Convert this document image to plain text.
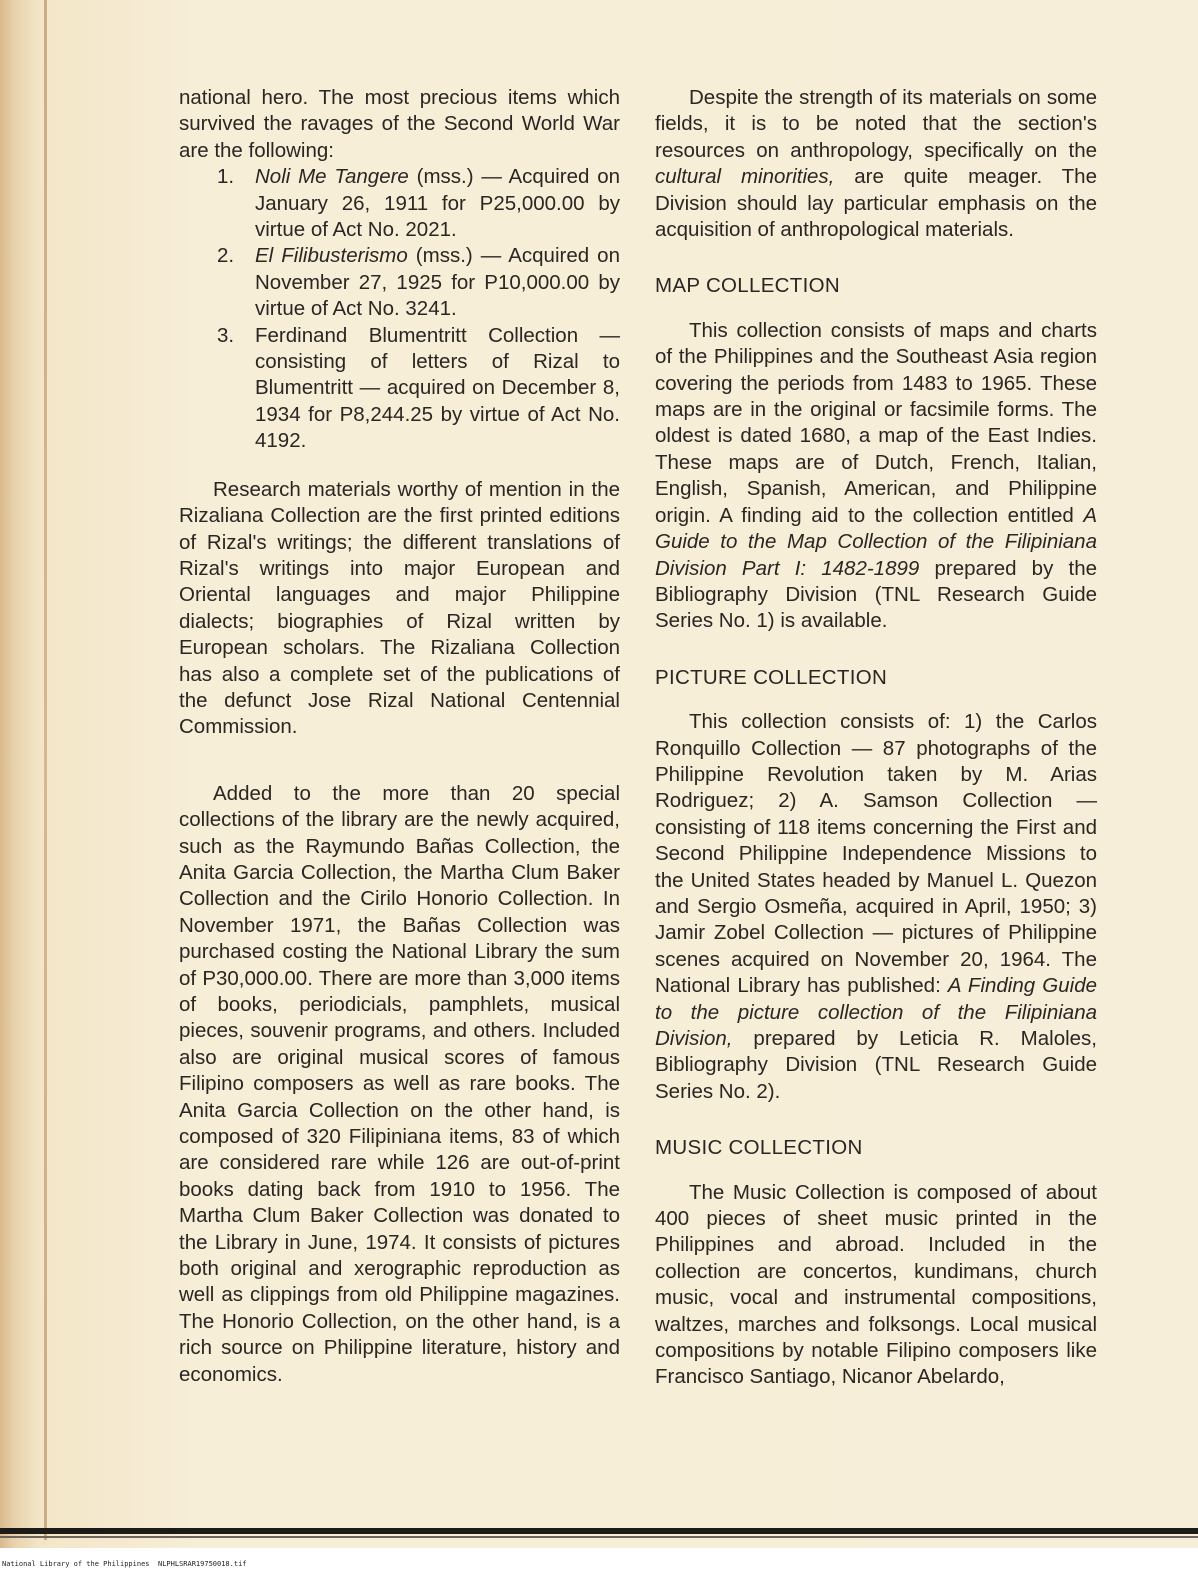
national hero. The most precious items which survived the ravages of the Second World War are the following:

1. Noli Me Tangere (mss.) — Acquired on January 26, 1911 for P25,000.00 by virtue of Act No. 2021.
2. El Filibusterismo (mss.) — Acquired on November 27, 1925 for P10,000.00 by virtue of Act No. 3241.
3. Ferdinand Blumentritt Collection — consisting of letters of Rizal to Blumentritt — acquired on December 8, 1934 for P8,244.25 by virtue of Act No. 4192.

Research materials worthy of mention in the Rizaliana Collection are the first printed editions of Rizal's writings; the different translations of Rizal's writings into major European and Oriental languages and major Philippine dialects; biographies of Rizal written by European scholars. The Rizaliana Collection has also a complete set of the publications of the defunct Jose Rizal National Centennial Commission.

Added to the more than 20 special collections of the library are the newly acquired, such as the Raymundo Bañas Collection, the Anita Garcia Collection, the Martha Clum Baker Collection and the Cirilo Honorio Collection. In November 1971, the Bañas Collection was purchased costing the National Library the sum of P30,000.00. There are more than 3,000 items of books, periodicials, pamphlets, musical pieces, souvenir programs, and others. Included also are original musical scores of famous Filipino composers as well as rare books. The Anita Garcia Collection on the other hand, is composed of 320 Filipiniana items, 83 of which are considered rare while 126 are out-of-print books dating back from 1910 to 1956. The Martha Clum Baker Collection was donated to the Library in June, 1974. It consists of pictures both original and xerographic reproduction as well as clippings from old Philippine magazines. The Honorio Collection, on the other hand, is a rich source on Philippine literature, history and economics.

Despite the strength of its materials on some fields, it is to be noted that the section's resources on anthropology, specifically on the cultural minorities, are quite meager. The Division should lay particular emphasis on the acquisition of anthropological materials.

MAP COLLECTION

This collection consists of maps and charts of the Philippines and the Southeast Asia region covering the periods from 1483 to 1965. These maps are in the original or facsimile forms. The oldest is dated 1680, a map of the East Indies. These maps are of Dutch, French, Italian, English, Spanish, American, and Philippine origin. A finding aid to the collection entitled A Guide to the Map Collection of the Filipiniana Division Part I: 1482-1899 prepared by the Bibliography Division (TNL Research Guide Series No. 1) is available.

PICTURE COLLECTION

This collection consists of: 1) the Carlos Ronquillo Collection — 87 photographs of the Philippine Revolution taken by M. Arias Rodriguez; 2) A. Samson Collection — consisting of 118 items concerning the First and Second Philippine Independence Missions to the United States headed by Manuel L. Quezon and Sergio Osmeña, acquired in April, 1950; 3) Jamir Zobel Collection — pictures of Philippine scenes acquired on November 20, 1964. The National Library has published: A Finding Guide to the picture collection of the Filipiniana Division, prepared by Leticia R. Maloles, Bibliography Division (TNL Research Guide Series No. 2).

MUSIC COLLECTION

The Music Collection is composed of about 400 pieces of sheet music printed in the Philippines and abroad. Included in the collection are concertos, kundimans, church music, vocal and instrumental compositions, waltzes, marches and folksongs. Local musical compositions by notable Filipino composers like Francisco Santiago, Nicanor Abelardo,

National Library of the Philippines NLPHLSRAR19750018.tif
